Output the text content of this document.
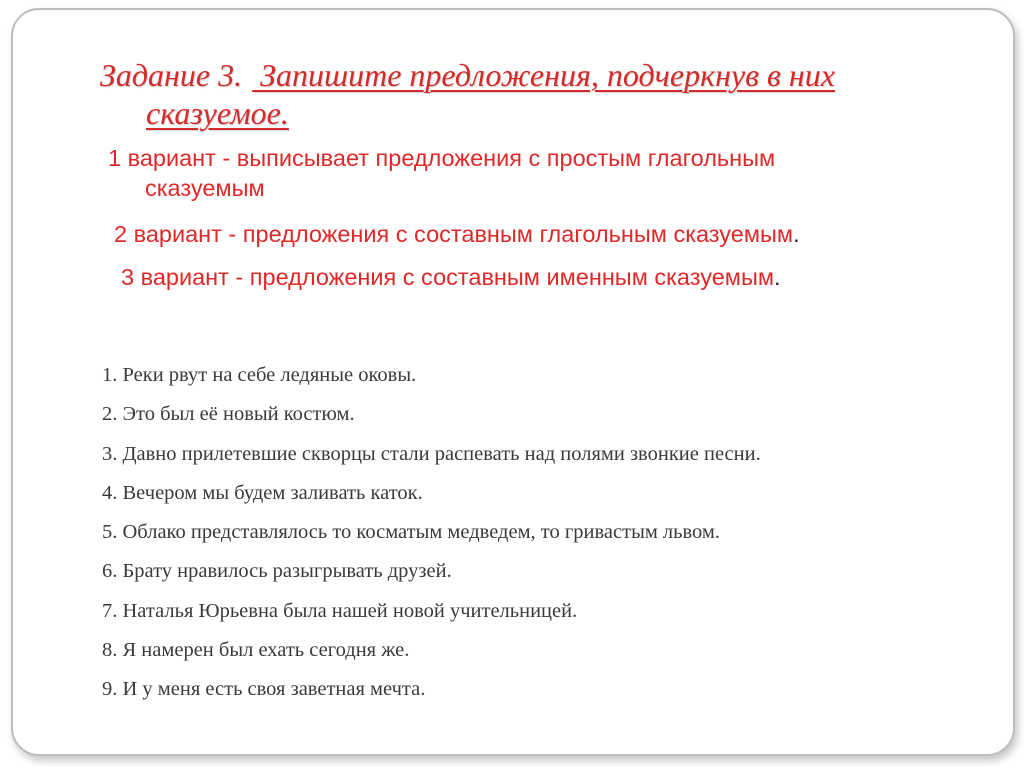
Задание 3. Запишите предложения, подчеркнув в них
сказуемое.
1 вариант - выписывает предложения с простым глагольным
сказуемым
2 вариант - предложения с составным глагольным сказуемым.
3 вариант - предложения с составным именным сказуемым.
1. Реки рвут на себе ледяные оковы.
2. Это был её новый костюм.
3. Давно прилетевшие скворцы стали распевать над полями звонкие песни.
4. Вечером мы будем заливать каток.
5. Облако представлялось то косматым медведем, то гривастым львом.
6. Брату нравилось разыгрывать друзей.
7. Наталья Юрьевна была нашей новой учительницей.
8. Я намерен был ехать сегодня же.
9. И у меня есть своя заветная мечта.
